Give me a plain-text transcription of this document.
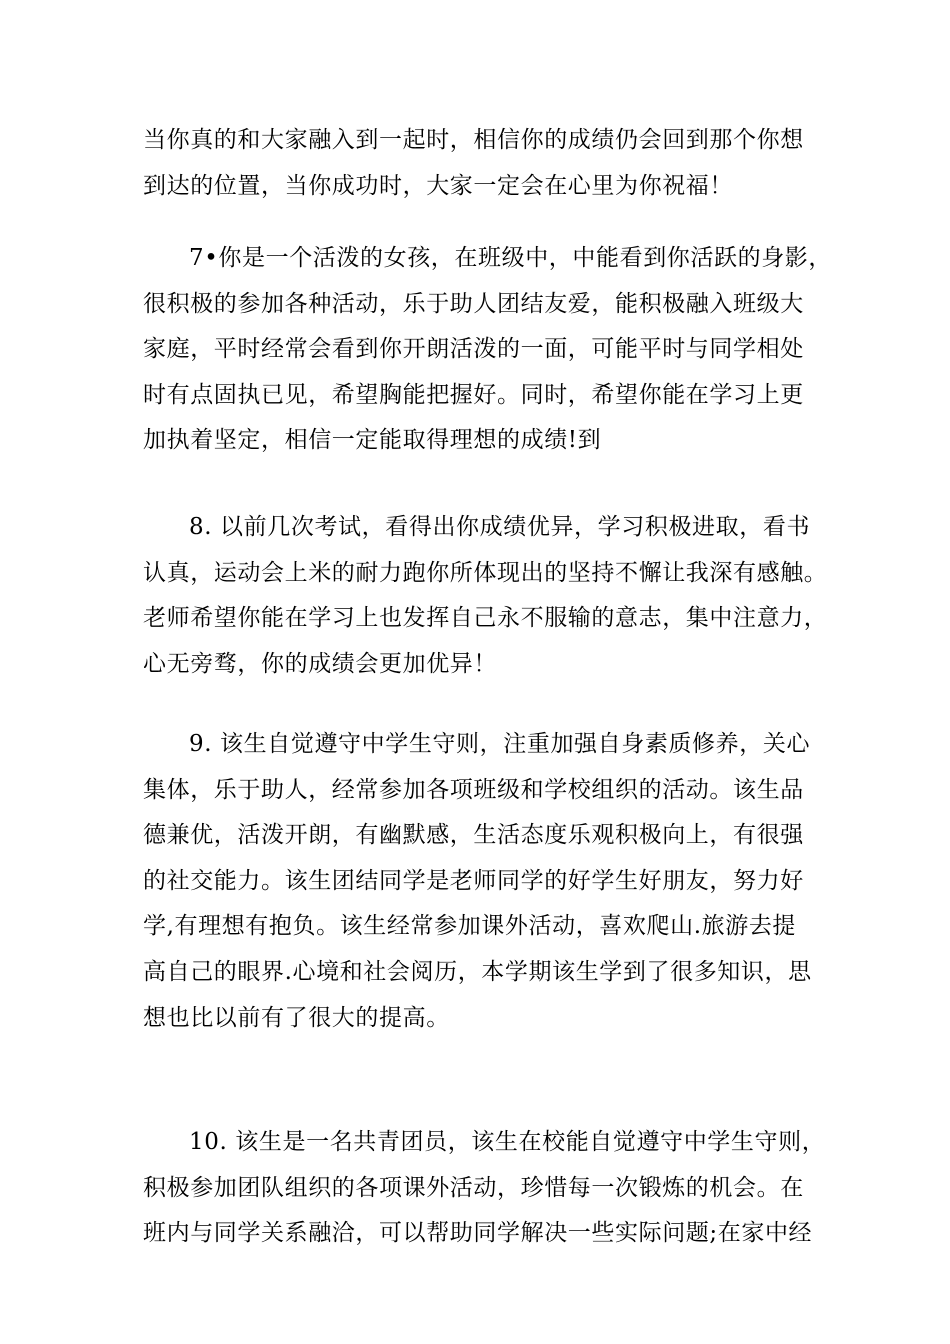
当你真的和大家融入到一起时，相信你的成绩仍会回到那个你想
到达的位置，当你成功时，大家一定会在心里为你祝福！
7•你是一个活泼的女孩，在班级中，中能看到你活跃的身影，
很积极的参加各种活动，乐于助人团结友爱，能积极融入班级大
家庭，平时经常会看到你开朗活泼的一面，可能平时与同学相处
时有点固执已见，希望胸能把握好。同时，希望你能在学习上更
加执着坚定，相信一定能取得理想的成绩!到
8. 以前几次考试，看得出你成绩优异，学习积极进取，看书
认真，运动会上米的耐力跑你所体现出的坚持不懈让我深有感触。
老师希望你能在学习上也发挥自己永不服输的意志，集中注意力，
心无旁骛，你的成绩会更加优异！
9. 该生自觉遵守中学生守则，注重加强自身素质修养，关心
集体，乐于助人，经常参加各项班级和学校组织的活动。该生品
德兼优，活泼开朗，有幽默感，生活态度乐观积极向上，有很强
的社交能力。该生团结同学是老师同学的好学生好朋友，努力好
学,有理想有抱负。该生经常参加课外活动，喜欢爬山.旅游去提
高自己的眼界.心境和社会阅历，本学期该生学到了很多知识，思
想也比以前有了很大的提高。
10. 该生是一名共青团员，该生在校能自觉遵守中学生守则，
积极参加团队组织的各项课外活动，珍惜每一次锻炼的机会。在
班内与同学关系融洽，可以帮助同学解决一些实际问题;在家中经
